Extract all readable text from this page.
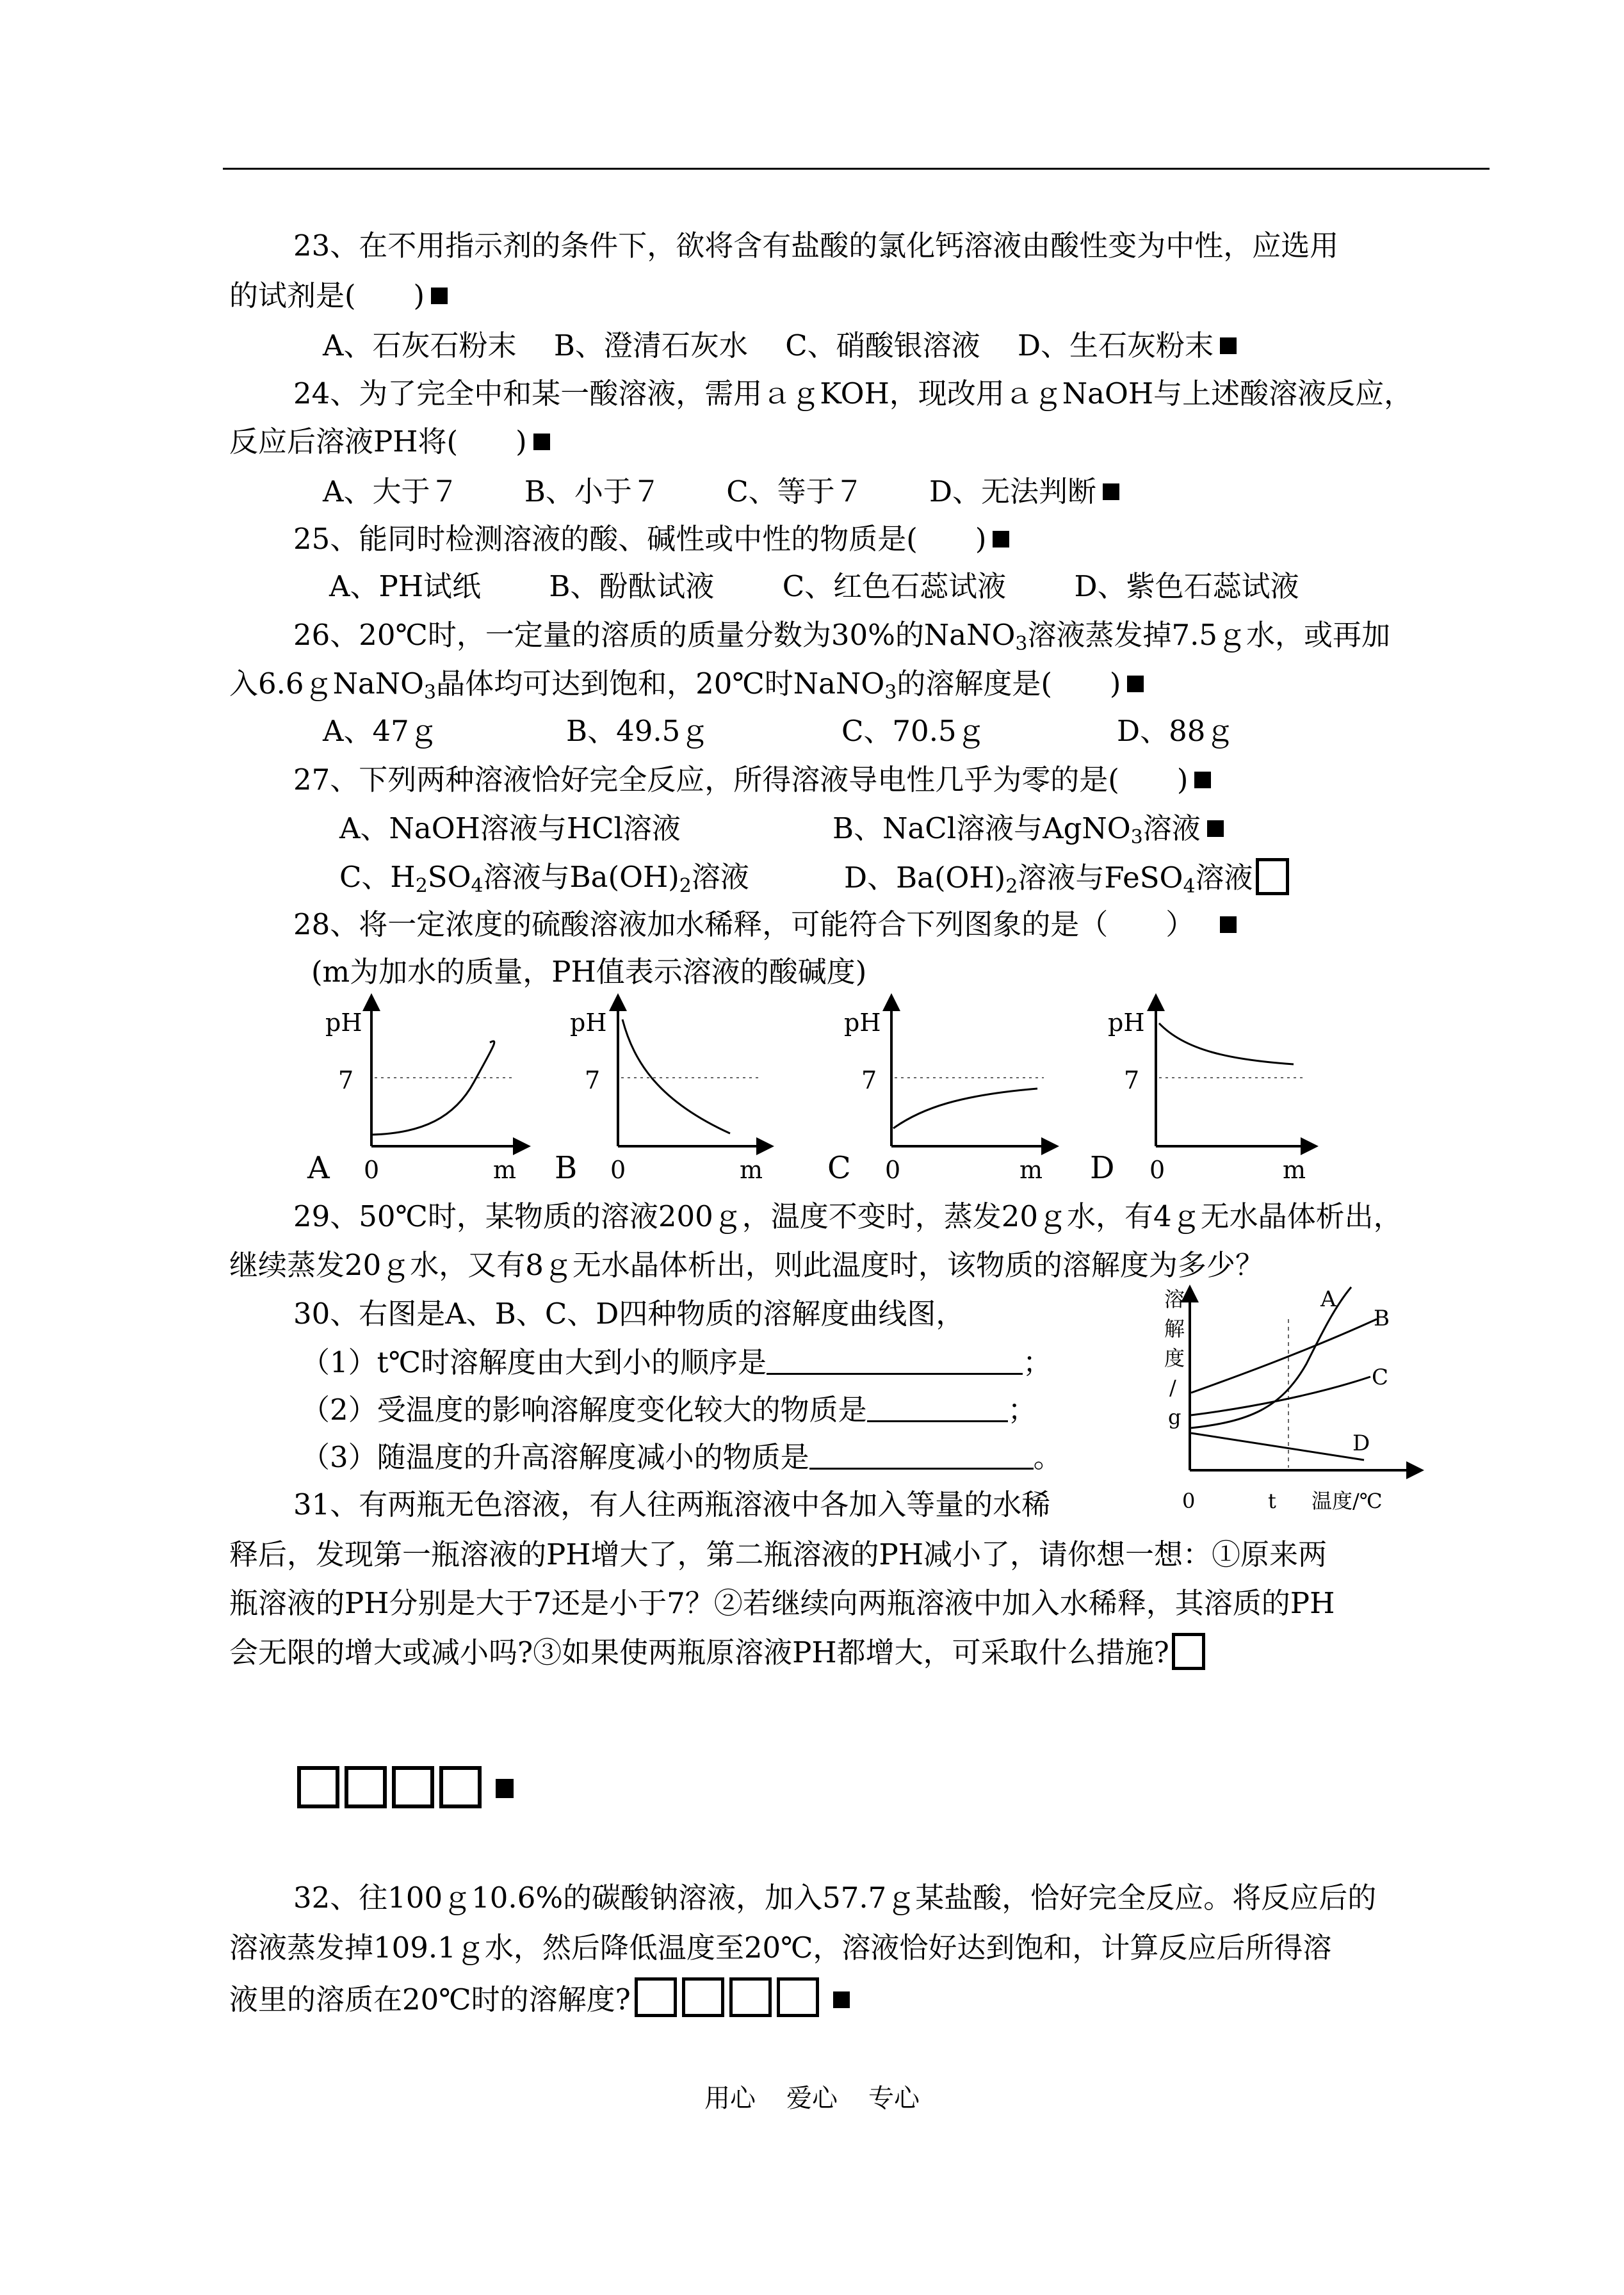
23、在不用指示剂的条件下，欲将含有盐酸的氯化钙溶液由酸性变为中性，应选用
的试剂是(　　)
A、石灰石粉末 B、澄清石灰水 C、硝酸银溶液 D、生石灰粉末
24、为了完全中和某一酸溶液，需用ａｇKOH，现改用ａｇNaOH与上述酸溶液反应，
反应后溶液PH将(　　)
A、大于７ B、小于７ C、等于７ D、无法判断
25、能同时检测溶液的酸、碱性或中性的物质是(　　)
A、PH试纸 B、酚酞试液 C、红色石蕊试液 D、紫色石蕊试液
26、20℃时，一定量的溶质的质量分数为30%的NaNO$_3$溶液蒸发掉7.5ｇ水，或再加
入6.6ｇNaNO$_3$晶体均可达到饱和，20℃时NaNO$_3$的溶解度是(　　)
A、47ｇ	B、49.5ｇ	C、70.5ｇ	D、88ｇ
27、下列两种溶液恰好完全反应，所得溶液导电性几乎为零的是(　　)
A、NaOH溶液与HCl溶液	B、NaCl溶液与AgNO$_3$溶液
C、$H_2SO_4$溶液与$Ba(OH)_2$溶液	D、$Ba(OH)_2$溶液与FeSO$_4$溶液
28、将一定浓度的硫酸溶液加水稀释，可能符合下列图象的是（　　）
(m为加水的质量，PH值表示溶液的酸碱度)
pH
7
A 0	m
pH
7
B 0	m
pH
7
C 0	m
pH
7
D 0	m
A
B
C
D
溶
解
度
/
g
0	t 温度/℃
29、50℃时，某物质的溶液200ｇ，温度不变时，蒸发20ｇ水，有4ｇ无水晶体析出，
继续蒸发20ｇ水，又有8ｇ无水晶体析出，则此温度时，该物质的溶解度为多少？
30、右图是A、B、C、D四种物质的溶解度曲线图，
（1）t℃时溶解度由大到小的顺序是	；
（2）受温度的影响溶解度变化较大的物质是	；
（3）随温度的升高溶解度减小的物质是	。
31、有两瓶无色溶液，有人往两瓶溶液中各加入等量的水稀
释后，发现第一瓶溶液的PH增大了，第二瓶溶液的PH减小了，请你想一想：①原来两
瓶溶液的PH分别是大于7还是小于7？②若继续向两瓶溶液中加入水稀释，其溶质的PH
会无限的增大或减小吗?③如果使两瓶原溶液PH都增大，可采取什么措施?
32、往100ｇ10.6%的碳酸钠溶液，加入57.7ｇ某盐酸，恰好完全反应。将反应后的
溶液蒸发掉109.1ｇ水，然后降低温度至20℃，溶液恰好达到饱和，计算反应后所得溶
液里的溶质在20℃时的溶解度?
用心 爱心 专心
